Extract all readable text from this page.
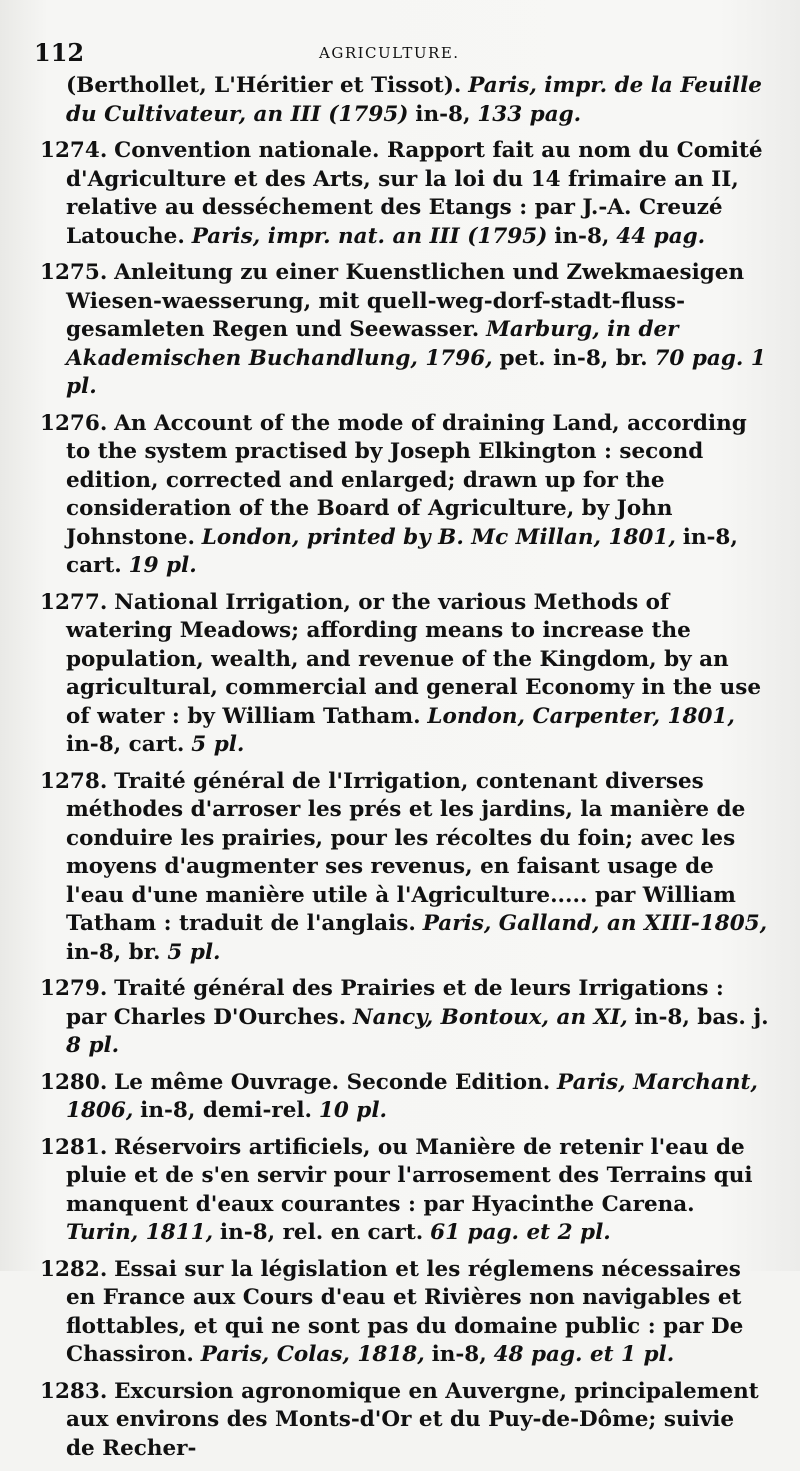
112	AGRICULTURE.
(Berthollet, L'Héritier et Tissot). Paris, impr. de la Feuille du Cultivateur, an III (1795) in-8, 133 pag.
1274. Convention nationale. Rapport fait au nom du Comité d'Agriculture et des Arts, sur la loi du 14 frimaire an II, relative au desséchement des Etangs : par J.-A. Creuzé Latouche. Paris, impr. nat. an III (1795) in-8, 44 pag.
1275. Anleitung zu einer Kuenstlichen und Zwekmaesigen Wiesen-waesserung, mit quell-weg-dorf-stadt-fluss-gesamleten Regen und Seewasser. Marburg, in der Akademischen Buchandlung, 1796, pet. in-8, br. 70 pag. 1 pl.
1276. An Account of the mode of draining Land, according to the system practised by Joseph Elkington : second edition, corrected and enlarged; drawn up for the consideration of the Board of Agriculture, by John Johnstone. London, printed by B. Mc Millan, 1801, in-8, cart. 19 pl.
1277. National Irrigation, or the various Methods of watering Meadows; affording means to increase the population, wealth, and revenue of the Kingdom, by an agricultural, commercial and general Economy in the use of water : by William Tatham. London, Carpenter, 1801,in-8, cart. 5 pl.
1278. Traité général de l'Irrigation, contenant diverses méthodes d'arroser les prés et les jardins, la manière de conduire les prairies, pour les récoltes du foin; avec les moyens d'augmenter ses revenus, en faisant usage de l'eau d'une manière utile à l'Agriculture..... par William Tatham : traduit de l'anglais. Paris, Galland, an XIII-1805,in-8, br. 5 pl.
1279. Traité général des Prairies et de leurs Irrigations : par Charles D'Ourches. Nancy, Bontoux, an XI, in-8, bas. j.8 pl.
1280. Le même Ouvrage. Seconde Edition. Paris, Marchant, 1806, in-8, demi-rel. 10 pl.
1281. Réservoirs artificiels, ou Manière de retenir l'eau de pluie et de s'en servir pour l'arrosement des Terrains qui manquent d'eaux courantes : par Hyacinthe Carena.Turin, 1811, in-8, rel. en cart. 61 pag. et 2 pl.
1282. Essai sur la législation et les réglemens nécessaires en France aux Cours d'eau et Rivières non navigables et flottables, et qui ne sont pas du domaine public : par De Chassiron. Paris, Colas, 1818, in-8, 48 pag. et 1 pl.
1283. Excursion agronomique en Auvergne, principalement aux environs des Monts-d'Or et du Puy-de-Dôme; suivie de Recher-
